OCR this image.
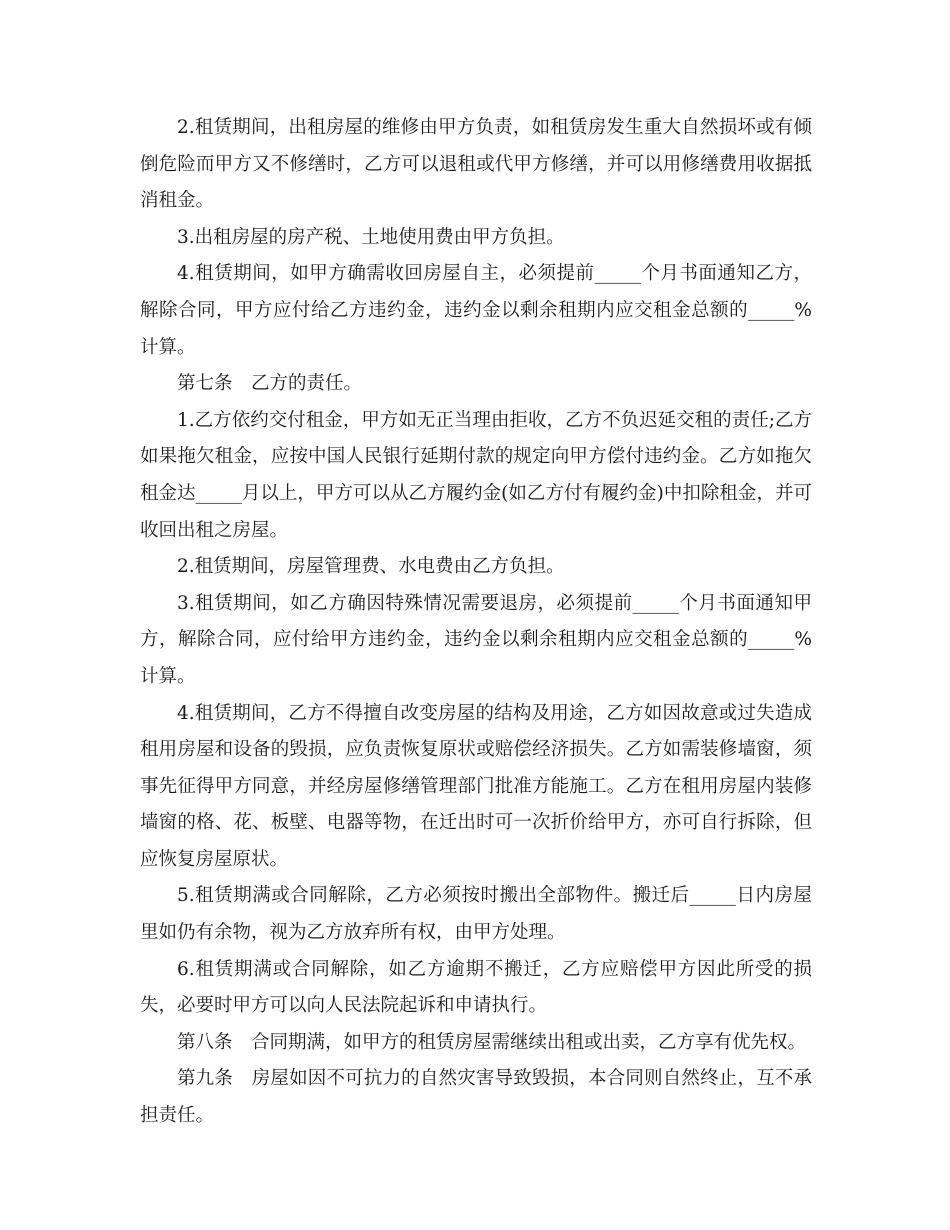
2.租赁期间，出租房屋的维修由甲方负责，如租赁房发生重大自然损坏或有倾倒危险而甲方又不修缮时，乙方可以退租或代甲方修缮，并可以用修缮费用收据抵消租金。

3.出租房屋的房产税、土地使用费由甲方负担。

4.租赁期间，如甲方确需收回房屋自主，必须提前_____个月书面通知乙方，解除合同，甲方应付给乙方违约金，违约金以剩余租期内应交租金总额的_____%计算。

第七条　乙方的责任。

1.乙方依约交付租金，甲方如无正当理由拒收，乙方不负迟延交租的责任;乙方如果拖欠租金，应按中国人民银行延期付款的规定向甲方偿付违约金。乙方如拖欠租金达_____月以上，甲方可以从乙方履约金(如乙方付有履约金)中扣除租金，并可收回出租之房屋。

2.租赁期间，房屋管理费、水电费由乙方负担。

3.租赁期间，如乙方确因特殊情况需要退房，必须提前_____个月书面通知甲方，解除合同，应付给甲方违约金，违约金以剩余租期内应交租金总额的_____%计算。

4.租赁期间，乙方不得擅自改变房屋的结构及用途，乙方如因故意或过失造成租用房屋和设备的毁损，应负责恢复原状或赔偿经济损失。乙方如需装修墙窗，须事先征得甲方同意，并经房屋修缮管理部门批准方能施工。乙方在租用房屋内装修墙窗的格、花、板壁、电器等物，在迁出时可一次折价给甲方，亦可自行拆除，但应恢复房屋原状。

5.租赁期满或合同解除，乙方必须按时搬出全部物件。搬迁后_____日内房屋里如仍有余物，视为乙方放弃所有权，由甲方处理。

6.租赁期满或合同解除，如乙方逾期不搬迁，乙方应赔偿甲方因此所受的损失，必要时甲方可以向人民法院起诉和申请执行。

第八条　合同期满，如甲方的租赁房屋需继续出租或出卖，乙方享有优先权。

第九条　房屋如因不可抗力的自然灾害导致毁损，本合同则自然终止，互不承担责任。
